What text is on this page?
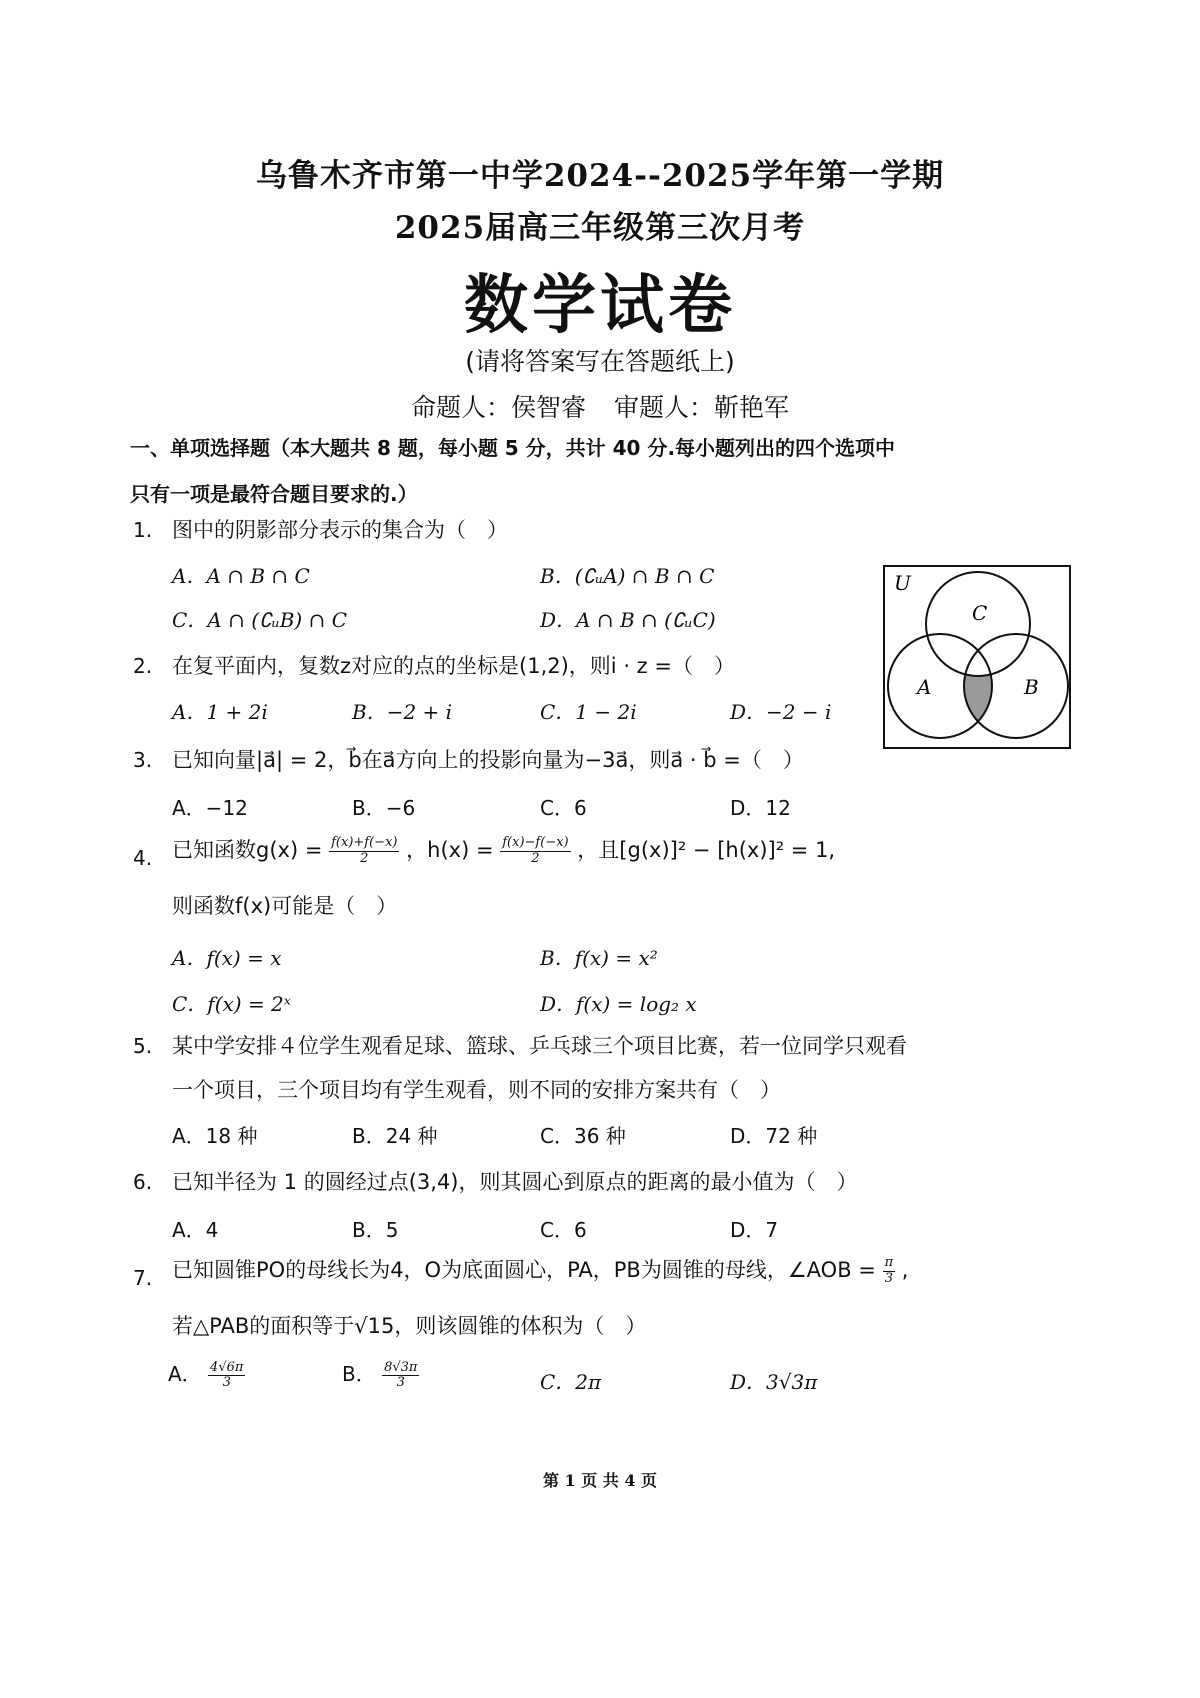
乌鲁木齐市第一中学2024--2025学年第一学期
2025届高三年级第三次月考
数学试卷
(请将答案写在答题纸上)
命题人：侯智睿 审题人：靳艳军
一、单项选择题（本大题共 8 题，每小题 5 分，共计 40 分.每小题列出的四个选项中
只有一项是最符合题目要求的.）
1. 图中的阴影部分表示的集合为（　）
A．A ∩ B ∩ C	B．(∁ᵤA) ∩ B ∩ C
C．A ∩ (∁ᵤB) ∩ C	D．A ∩ B ∩ (∁ᵤC)
U
C
A	B
2. 在复平面内，复数z对应的点的坐标是(1,2)，则i · z =（　）
A．1 + 2i	B．−2 + i	C．1 − 2i	D．−2 − i
3. 已知向量|a⃗| = 2，b⃗在a⃗方向上的投影向量为−3a⃗，则a⃗ · b⃗ =（　）
A．−12	B．−6	C．6	D．12
4. 已知函数$g(x) = \frac{f(x)+f(-x)}{2}$ ，$h(x) = \frac{f(x)-f(-x)}{2}$ ，且[g(x)]² − [h(x)]² = 1,
则函数f(x)可能是（　）
A．f(x) = x	B．f(x) = x²
C．f(x) = 2ˣ	D．f(x) = log₂ x
5. 某中学安排４位学生观看足球、篮球、乒乓球三个项目比赛，若一位同学只观看
一个项目，三个项目均有学生观看，则不同的安排方案共有（　）
A．18 种	B．24 种	C．36 种	D．72 种
6. 已知半径为 1 的圆经过点(3,4)，则其圆心到原点的距离的最小值为（　）
A．4	B．5	C．6	D．7
7. 已知圆锥PO的母线长为4，O为底面圆心，PA，PB为圆锥的母线，∠AOB = $\frac{\pi}{3}$ ,
若△PAB的面积等于√15，则该圆锥的体积为（　）
A． $\frac{4√6\pi}{3}$	B． $\frac{8√3\pi}{3}$	C．2π	D．3√3π
第 1 页 共 4 页
